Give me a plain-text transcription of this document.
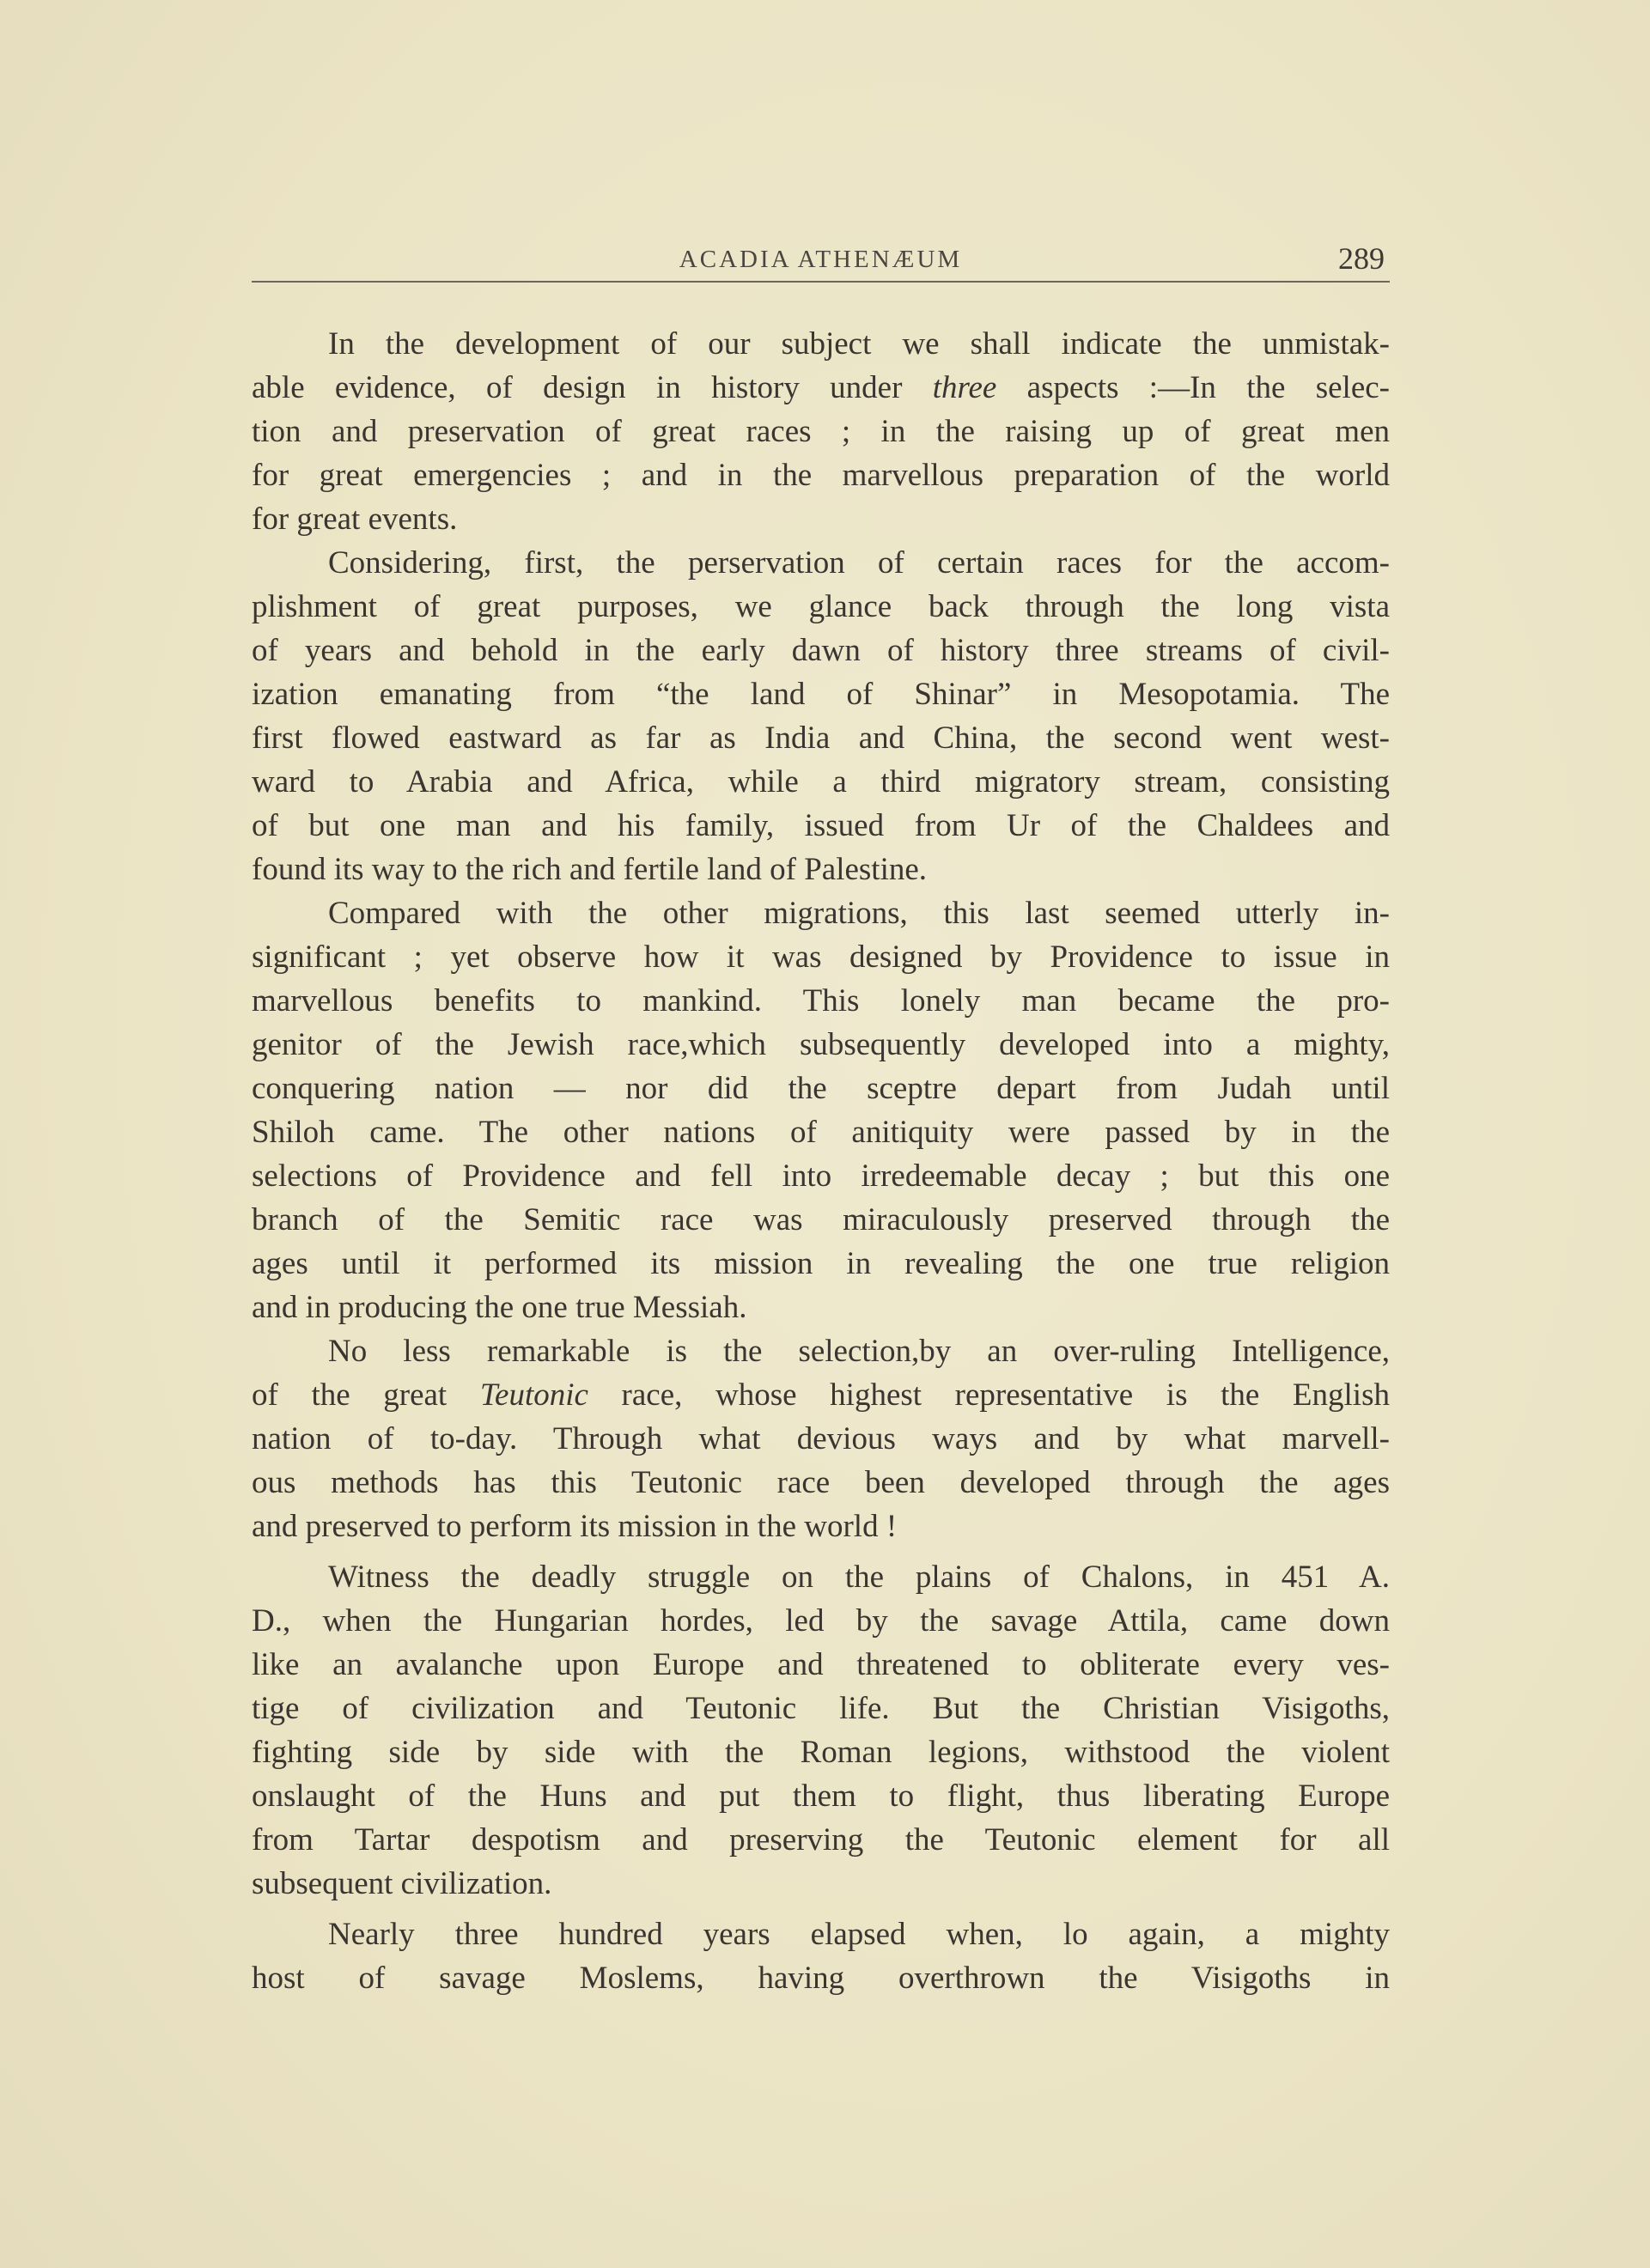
ACADIA ATHENÆUM	289
In the development of our subject we shall indicate the unmistak-
able evidence, of design in history under three aspects :—In the selec-
tion and preservation of great races ; in the raising up of great men
for great emergencies ; and in the marvellous preparation of the world
for great events.
Considering, first, the perservation of certain races for the accom-
plishment of great purposes, we glance back through the long vista
of years and behold in the early dawn of history three streams of civil-
ization emanating from “the land of Shinar” in Mesopotamia. The
first flowed eastward as far as India and China, the second went west-
ward to Arabia and Africa, while a third migratory stream, consisting
of but one man and his family, issued from Ur of the Chaldees and
found its way to the rich and fertile land of Palestine.
Compared with the other migrations, this last seemed utterly in-
significant ; yet observe how it was designed by Providence to issue in
marvellous benefits to mankind. This lonely man became the pro-
genitor of the Jewish race,which subsequently developed into a mighty,
conquering nation — nor did the sceptre depart from Judah until
Shiloh came. The other nations of anitiquity were passed by in the
selections of Providence and fell into irredeemable decay ; but this one
branch of the Semitic race was miraculously preserved through the
ages until it performed its mission in revealing the one true religion
and in producing the one true Messiah.
No less remarkable is the selection,by an over-ruling Intelligence,
of the great Teutonic race, whose highest representative is the English
nation of to-day. Through what devious ways and by what marvell-
ous methods has this Teutonic race been developed through the ages
and preserved to perform its mission in the world !
Witness the deadly struggle on the plains of Chalons, in 451 A.
D., when the Hungarian hordes, led by the savage Attila, came down
like an avalanche upon Europe and threatened to obliterate every ves-
tige of civilization and Teutonic life. But the Christian Visigoths,
fighting side by side with the Roman legions, withstood the violent
onslaught of the Huns and put them to flight, thus liberating Europe
from Tartar despotism and preserving the Teutonic element for all
subsequent civilization.
Nearly three hundred years elapsed when, lo again, a mighty
host of savage Moslems, having overthrown the Visigoths in
